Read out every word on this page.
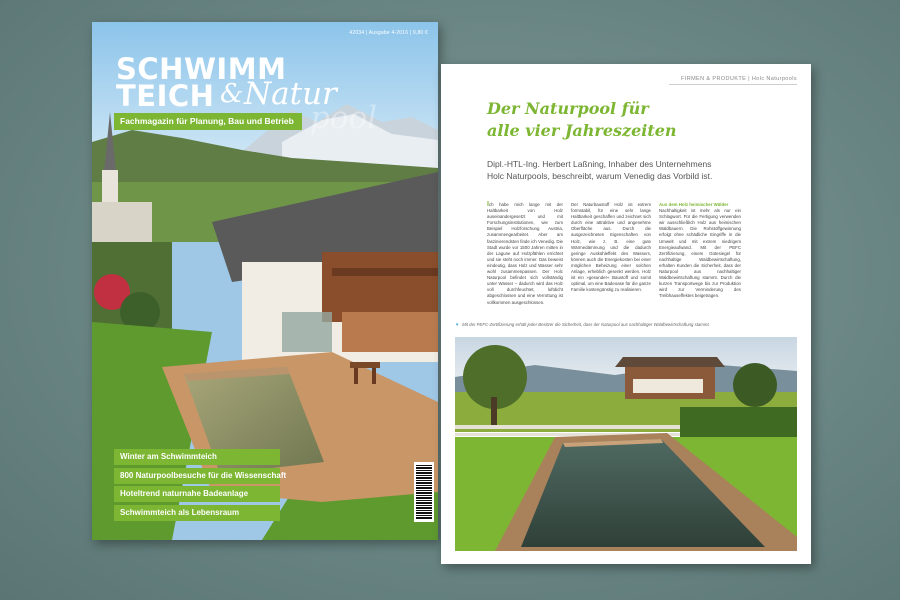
42034 | Ausgabe 4-2016 | 9,80 €
SCHWIMM
TEICH & Natur
pool
Fachmagazin für Planung, Bau und Betrieb
Winter am Schwimmteich
800 Naturpoolbesuche für die Wissenschaft
Hoteltrend naturnahe Badeanlage
Schwimmteich als Lebensraum
FIRMEN & PRODUKTE | Holc Naturpools
Der Naturpool für
alle vier Jahreszeiten
Dipl.-HTL-Ing. Herbert Laßning, Inhaber des Unternehmens Holc Naturpools, beschreibt, warum Venedig das Vorbild ist.
Ich habe mich lange mit der Haltbarkeit von Holz auseinandergesetzt und mit Forschungsinstitutionen, wie zum Beispiel Holzforschung Austria, zusammengearbeitet. Aber am faszinierendsten finde ich Venedig. Die Stadt wurde vor 1500 Jahren mitten in der Lagune auf Holzpfählen errichtet und sie steht noch immer. Das beweist eindeutig, dass Holz und Wasser sehr wohl zusammenpassen. Der Holc Naturpool befindet sich vollständig unter Wasser – dadurch wird das Holz voll durchfeuchtet, luftdicht abgeschlossen und eine Verrottung ist vollkommen ausgeschlossen.
Der Naturbaustoff Holz ist extrem formstabil, für eine sehr lange Haltbarkeit geschaffen und zeichnet sich durch eine attraktive und angenehme Oberfläche aus. Durch die ausgezeichneten Eigenschaften von Holz, wie z. B. eine gute Wärmedämmung und die dadurch geringe Auskühleffekt des Wassers, können auch die Energiekosten bei einer möglichen Beheizung einer solchen Anlage, erheblich gesenkt werden. Holz ist ein »gesunder« Baustoff und somit optimal, um eine Badeoase für die ganze Familie kostengünstig zu realisieren.
Aus dem Holz heimischer Wälder
Nachhaltigkeit ist mehr als nur ein Schlagwort. Für die Fertigung verwenden wir ausschließlich Holz aus heimischen Waldbauern. Die Rohstoffgewinnung erfolgt ohne schädliche Eingriffe in die Umwelt und mit extrem niedrigem Energieaufwand. Mit der PEFC Zertifizierung, einem Gütesiegel für nachhaltige Waldbewirtschaftung, erhalten Kunden die Sicherheit, dass der Naturpool aus nachhaltiger Waldbewirtschaftung stammt. Durch die kurzen Transportwege bis zur Produktion wird zur Verminderung des Treibhauseffektes beigetragen.
▼ Mit der PEFC-Zertifizierung erhält jeder Besitzer die Sicherheit, dass der Naturpool aus nachhaltiger Waldbewirtschaftung stammt.
